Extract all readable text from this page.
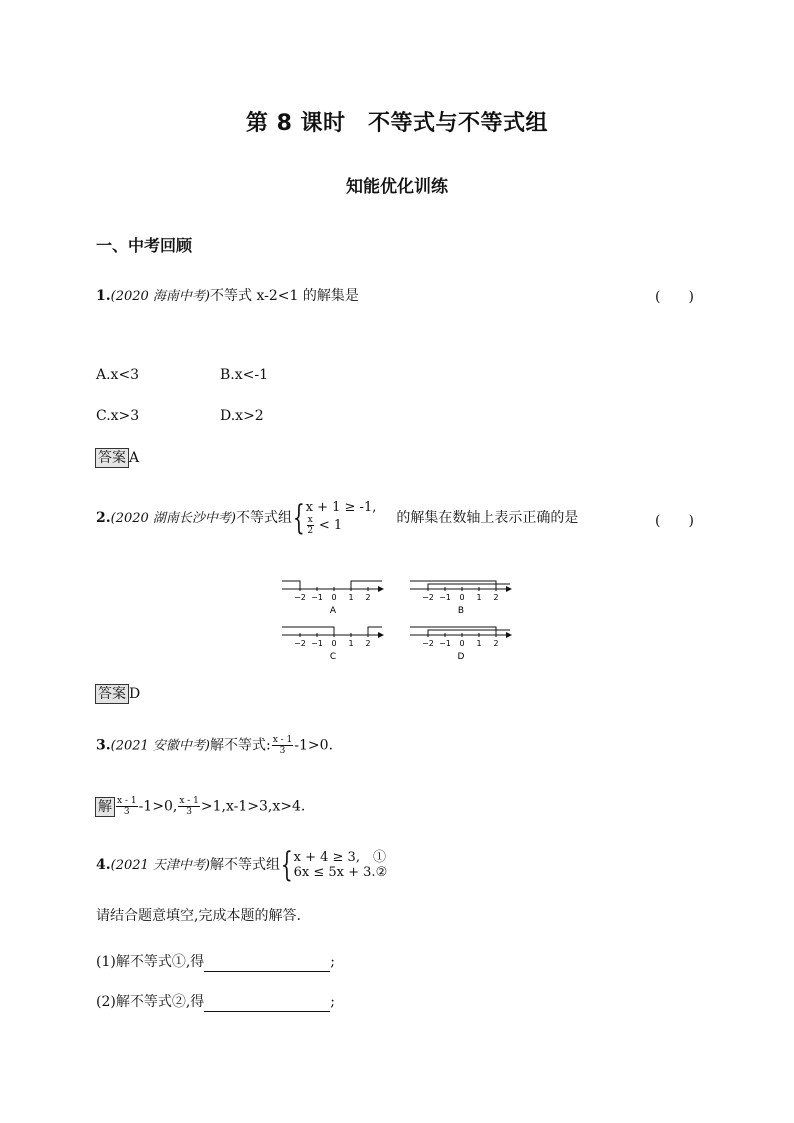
第 8 课时　不等式与不等式组
知能优化训练
一、中考回顾
1.(2020 海南中考)不等式 x-2<1 的解集是	(　　)
A.x<3	B.x<-1
C.x>3	D.x>2
答案 A
2.(2020 湖南长沙中考)不等式组{ x + 1 ≥ -1,
$\frac{x}{2} < 1$	的解集在数轴上表示正确的是	(　　)
−2 −1 0 1 2
A
−2 −1 0 1 2
B
−2 −1 0 1 2
C
−2 −1 0 1 2
D
答案 D
3.(2021 安徽中考)解不等式: $\frac{x - 1}{3} -1>0$.
解 $\frac{x - 1}{3} -1>0$, $\frac{x - 1}{3} >1,x-1>3,x>4$.
4.(2021 天津中考)解不等式组{ x + 4 ≥ 3,　①
6x ≤ 5x + 3.②
请结合题意填空,完成本题的解答.
(1)解不等式①,得	;
(2)解不等式②,得	;
